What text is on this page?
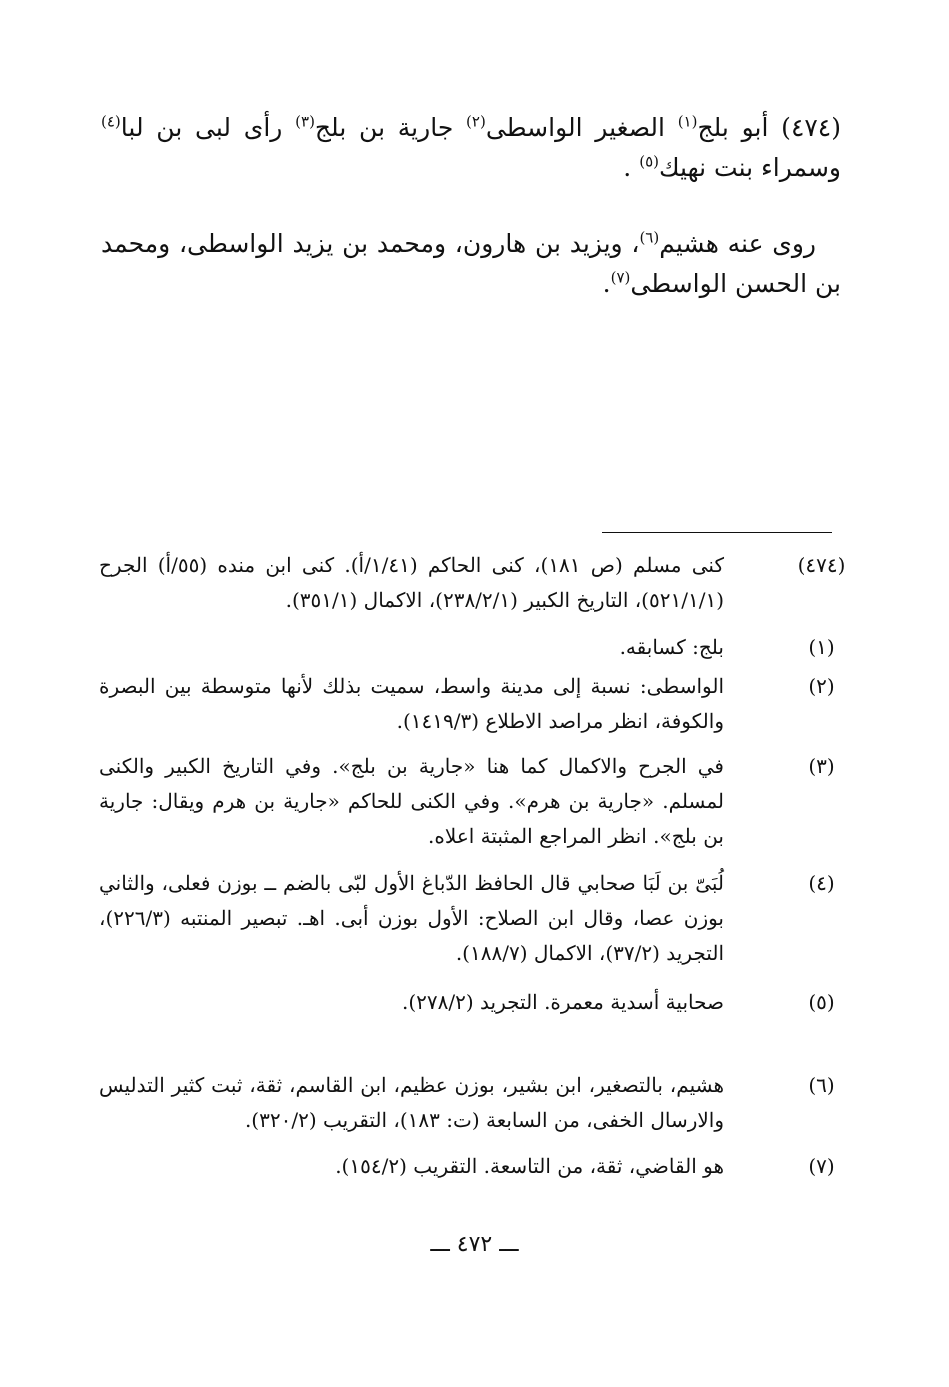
(٤٧٤) أبو بلج$^{(١)}$ الصغير الواسطى$^{(٢)}$ جارية بن بلج$^{(٣)}$ رأى لبى بن لبا$^{(٤)}$ وسمراء بنت نهيك$^{(٥)}$ .

 روى عنه هشيم$^{(٦)}$، ويزيد بن هارون، ومحمد بن يزيد الواسطى، ومحمد بن الحسن الواسطى$^{(٧)}$.

(٤٧٤)
كنى مسلم (ص ١٨١)، كنى الحاكم (١/٤١/أ). كنى ابن منده (٥٥/أ) الجرح (٥٢١/١/١)، التاريخ الكبير (٢٣٨/٢/١)، الاكمال (٣٥١/١).
(١)
بلج: كسابقه.
(٢)
الواسطى: نسبة إلى مدينة واسط، سميت بذلك لأنها متوسطة بين البصرة والكوفة، انظر مراصد الاطلاع (١٤١٩/٣).
(٣)
في الجرح والاكمال كما هنا «جارية بن بلج». وفي التاريخ الكبير والكنى لمسلم. «جارية بن هرم». وفي الكنى للحاكم «جارية بن هرم ويقال: جارية بن بلج». انظر المراجع المثبتة اعلاه.
(٤)
لُبَىّ بن لَبَا صحابي قال الحافظ الدّباغ الأول لبّى بالضم ــ بوزن فعلى، والثاني بوزن عصا، وقال ابن الصلاح: الأول بوزن أبى. اهـ. تبصير المنتبه (٢٢٦/٣)، التجريد (٣٧/٢)، الاكمال (١٨٨/٧).
(٥)
صحابية أسدية معمرة. التجريد (٢٧٨/٢).
(٦)
هشيم، بالتصغير، ابن بشير، بوزن عظيم، ابن القاسم، ثقة، ثبت كثير التدليس والارسال الخفى، من السابعة (ت: ١٨٣)، التقريب (٣٢٠/٢).
(٧)
هو القاضي، ثقة، من التاسعة. التقريب (١٥٤/٢).
ـــ ٤٧٢ ـــ
